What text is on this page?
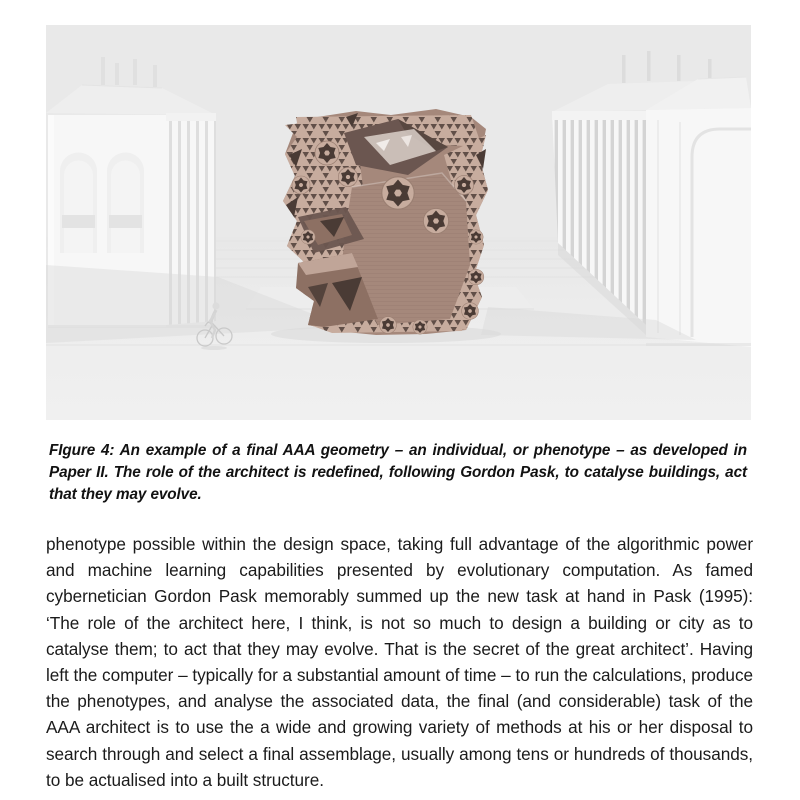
FIgure 4: An example of a final AAA geometry – an individual, or phenotype – as developed in Paper II. The role of the architect is redefined, following Gordon Pask, to catalyse buildings, act that they may evolve.

phenotype possible within the design space, taking full advantage of the algorithmic power and machine learning capabilities presented by evolutionary computation. As famed cybernetician Gordon Pask memorably summed up the new task at hand in Pask (1995): ‘The role of the architect here, I think, is not so much to design a building or city as to catalyse them; to act that they may evolve. That is the secret of the great architect’. Having left the computer – typically for a substantial amount of time – to run the calculations, produce the phenotypes, and analyse the associated data, the final (and considerable) task of the AAA architect is to use the a wide and growing variety of methods at his or her disposal to search through and select a final assemblage, usually among tens or hundreds of thousands, to be actualised into a built structure.
